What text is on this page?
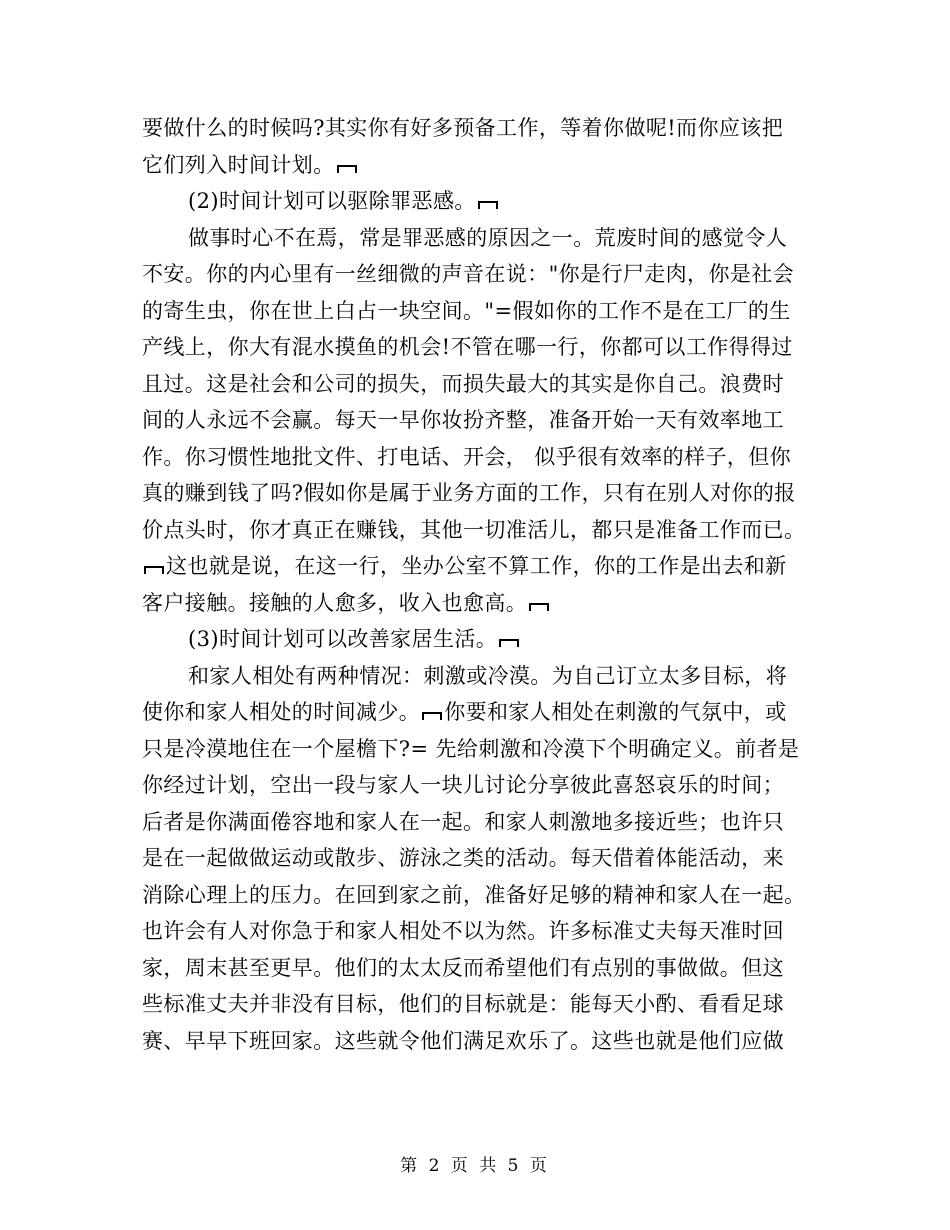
要做什么的时候吗?其实你有好多预备工作，等着你做呢!而你应该把
它们列入时间计划。
(2)时间计划可以驱除罪恶感。
做事时心不在焉，常是罪恶感的原因之一。荒废时间的感觉令人
不安。你的内心里有一丝细微的声音在说："你是行尸走肉，你是社会
的寄生虫，你在世上白占一块空间。"=假如你的工作不是在工厂的生
产线上，你大有混水摸鱼的机会!不管在哪一行，你都可以工作得得过
且过。这是社会和公司的损失，而损失最大的其实是你自己。浪费时
间的人永远不会赢。每天一早你妆扮齐整，准备开始一天有效率地工
作。你习惯性地批文件、打电话、开会， 似乎很有效率的样子，但你
真的赚到钱了吗?假如你是属于业务方面的工作，只有在别人对你的报
价点头时，你才真正在赚钱，其他一切准活儿，都只是准备工作而已。
这也就是说，在这一行，坐办公室不算工作，你的工作是出去和新
客户接触。接触的人愈多，收入也愈高。
(3)时间计划可以改善家居生活。
和家人相处有两种情况：刺激或冷漠。为自己订立太多目标，将
使你和家人相处的时间减少。 你要和家人相处在刺激的气氛中，或
只是冷漠地住在一个屋檐下?= 先给刺激和冷漠下个明确定义。前者是
你经过计划，空出一段与家人一块儿讨论分享彼此喜怒哀乐的时间；
后者是你满面倦容地和家人在一起。和家人刺激地多接近些；也许只
是在一起做做运动或散步、游泳之类的活动。每天借着体能活动，来
消除心理上的压力。在回到家之前，准备好足够的精神和家人在一起。
也许会有人对你急于和家人相处不以为然。许多标准丈夫每天准时回
家，周末甚至更早。他们的太太反而希望他们有点别的事做做。但这
些标准丈夫并非没有目标，他们的目标就是：能每天小酌、看看足球
赛、早早下班回家。这些就令他们满足欢乐了。这些也就是他们应做
第 2 页 共 5 页
